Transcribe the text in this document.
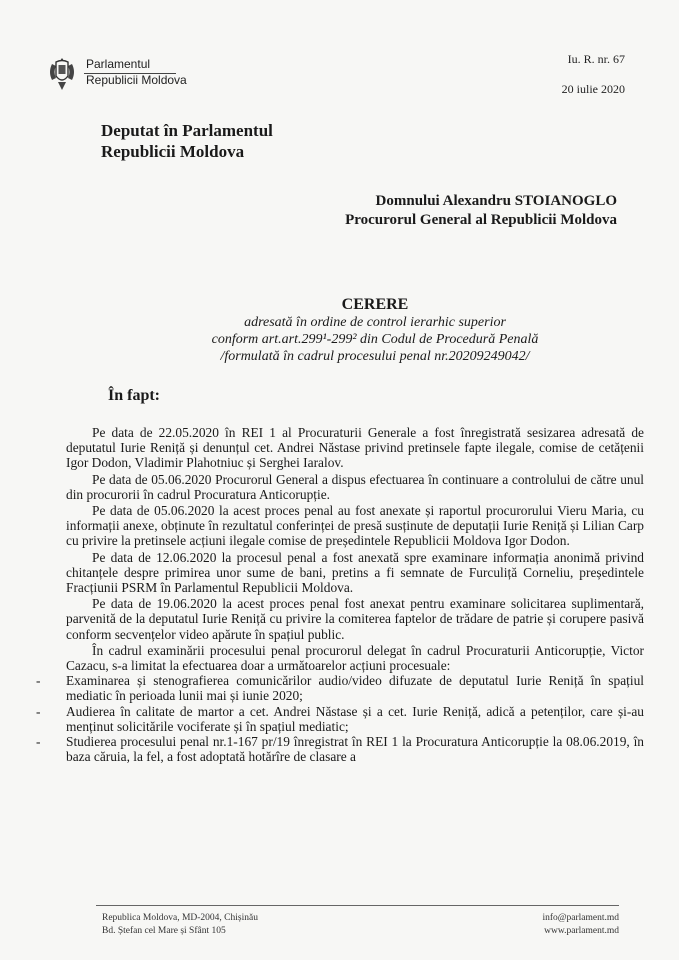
Parlamentul
Republicii Moldova
Iu. R. nr. 67
20 iulie 2020
Deputat în Parlamentul
Republicii Moldova
Domnului Alexandru STOIANOGLO
Procurorul General al Republicii Moldova
CERERE
adresată în ordine de control ierarhic superior
conform art.art.299¹-299² din Codul de Procedură Penală
/formulată în cadrul procesului penal nr.20209249042/
În fapt:

Pe data de 22.05.2020 în REI 1 al Procuraturii Generale a fost înregistrată sesizarea adresată de deputatul Iurie Reniță și denunțul cet. Andrei Năstase privind pretinsele fapte ilegale, comise de cetățenii Igor Dodon, Vladimir Plahotniuc și Serghei Iaralov.

Pe data de 05.06.2020 Procurorul General a dispus efectuarea în continuare a controlului de către unul din procurorii în cadrul Procuratura Anticorupție.

Pe data de 05.06.2020 la acest proces penal au fost anexate și raportul procurorului Vieru Maria, cu informații anexe, obținute în rezultatul conferinței de presă susținute de deputații Iurie Reniță și Lilian Carp cu privire la pretinsele acțiuni ilegale comise de președintele Republicii Moldova Igor Dodon.

Pe data de 12.06.2020 la procesul penal a fost anexată spre examinare informația anonimă privind chitanțele despre primirea unor sume de bani, pretins a fi semnate de Furculiță Corneliu, președintele Fracțiunii PSRM în Parlamentul Republicii Moldova.

Pe data de 19.06.2020 la acest proces penal fost anexat pentru examinare solicitarea suplimentară, parvenită de la deputatul Iurie Reniță cu privire la comiterea faptelor de trădare de patrie și corupere pasivă conform secvențelor video apărute în spațiul public.

În cadrul examinării procesului penal procurorul delegat în cadrul Procuraturii Anticorupție, Victor Cazacu, s-a limitat la efectuarea doar a următoarelor acțiuni procesuale:

- Examinarea și stenografierea comunicărilor audio/video difuzate de deputatul Iurie Reniță în spațiul mediatic în perioada lunii mai și iunie 2020;
- Audierea în calitate de martor a cet. Andrei Năstase și a cet. Iurie Reniță, adică a petenților, care și-au menținut solicitările vociferate și în spațiul mediatic;
- Studierea procesului penal nr.1-167 pr/19 înregistrat în REI 1 la Procuratura Anticorupție la 08.06.2019, în baza căruia, la fel, a fost adoptată hotărîre de clasare a
Republica Moldova, MD-2004, Chișinău
Bd. Ștefan cel Mare și Sfânt 105
info@parlament.md
www.parlament.md
